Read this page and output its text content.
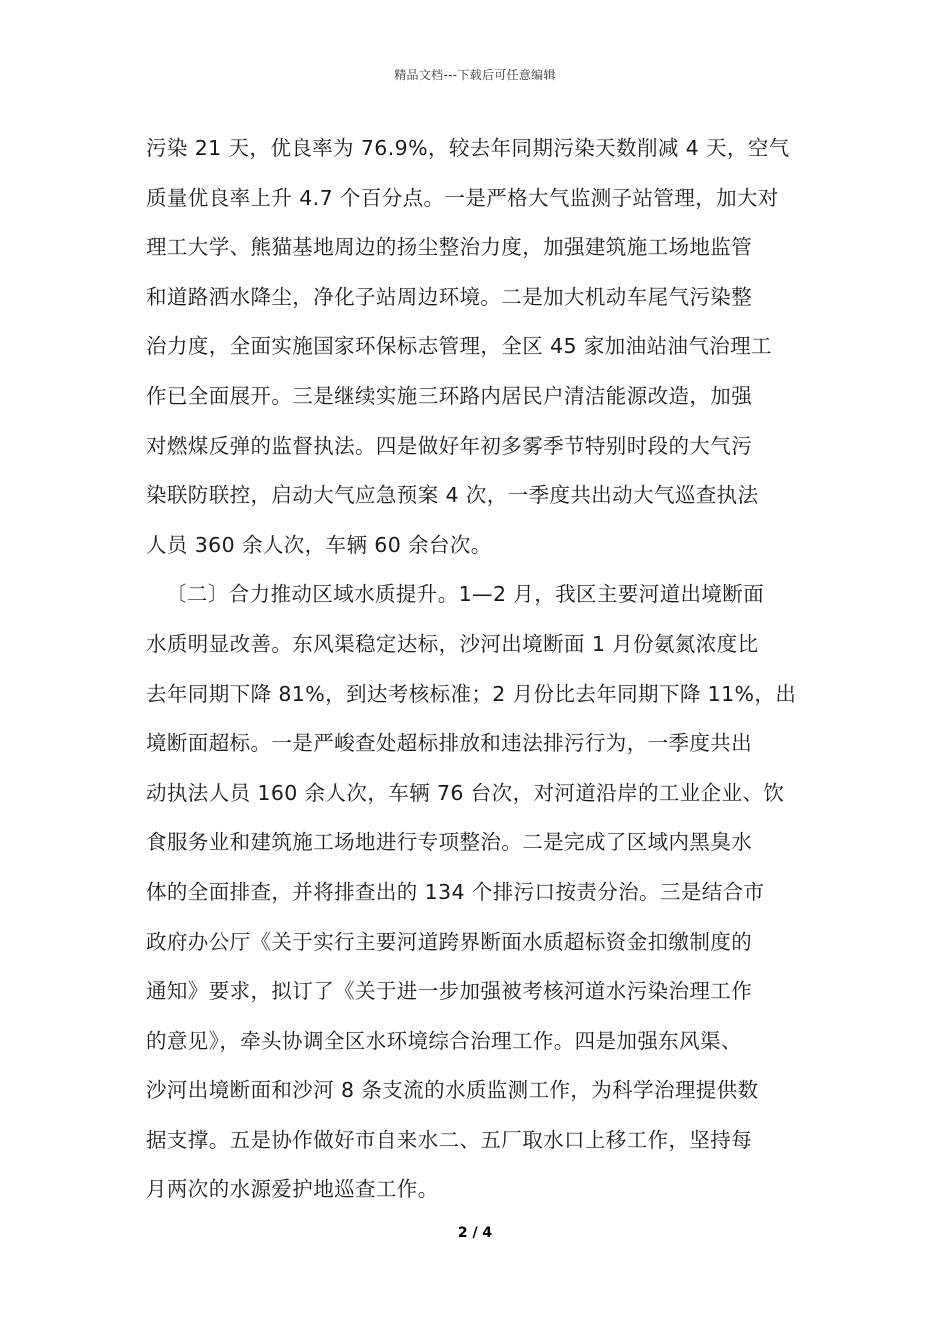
精品文档---下载后可任意编辑
污染 21 天，优良率为 76.9%，较去年同期污染天数削减 4 天，空气
质量优良率上升 4.7 个百分点。一是严格大气监测子站管理，加大对
理工大学、熊猫基地周边的扬尘整治力度，加强建筑施工场地监管
和道路洒水降尘，净化子站周边环境。二是加大机动车尾气污染整
治力度，全面实施国家环保标志管理，全区 45 家加油站油气治理工
作已全面展开。三是继续实施三环路内居民户清洁能源改造，加强
对燃煤反弹的监督执法。四是做好年初多雾季节特别时段的大气污
染联防联控，启动大气应急预案 4 次，一季度共出动大气巡查执法
人员 360 余人次，车辆 60 余台次。
〔二〕合力推动区域水质提升。1—2 月，我区主要河道出境断面
水质明显改善。东风渠稳定达标，沙河出境断面 1 月份氨氮浓度比
去年同期下降 81%，到达考核标准；2 月份比去年同期下降 11%，出
境断面超标。一是严峻查处超标排放和违法排污行为，一季度共出
动执法人员 160 余人次，车辆 76 台次，对河道沿岸的工业企业、饮
食服务业和建筑施工场地进行专项整治。二是完成了区域内黑臭水
体的全面排查，并将排查出的 134 个排污口按责分治。三是结合市
政府办公厅《关于实行主要河道跨界断面水质超标资金扣缴制度的
通知》要求，拟订了《关于进一步加强被考核河道水污染治理工作
的意见》，牵头协调全区水环境综合治理工作。四是加强东风渠、
沙河出境断面和沙河 8 条支流的水质监测工作，为科学治理提供数
据支撑。五是协作做好市自来水二、五厂取水口上移工作，坚持每
月两次的水源爱护地巡查工作。
2 / 4
